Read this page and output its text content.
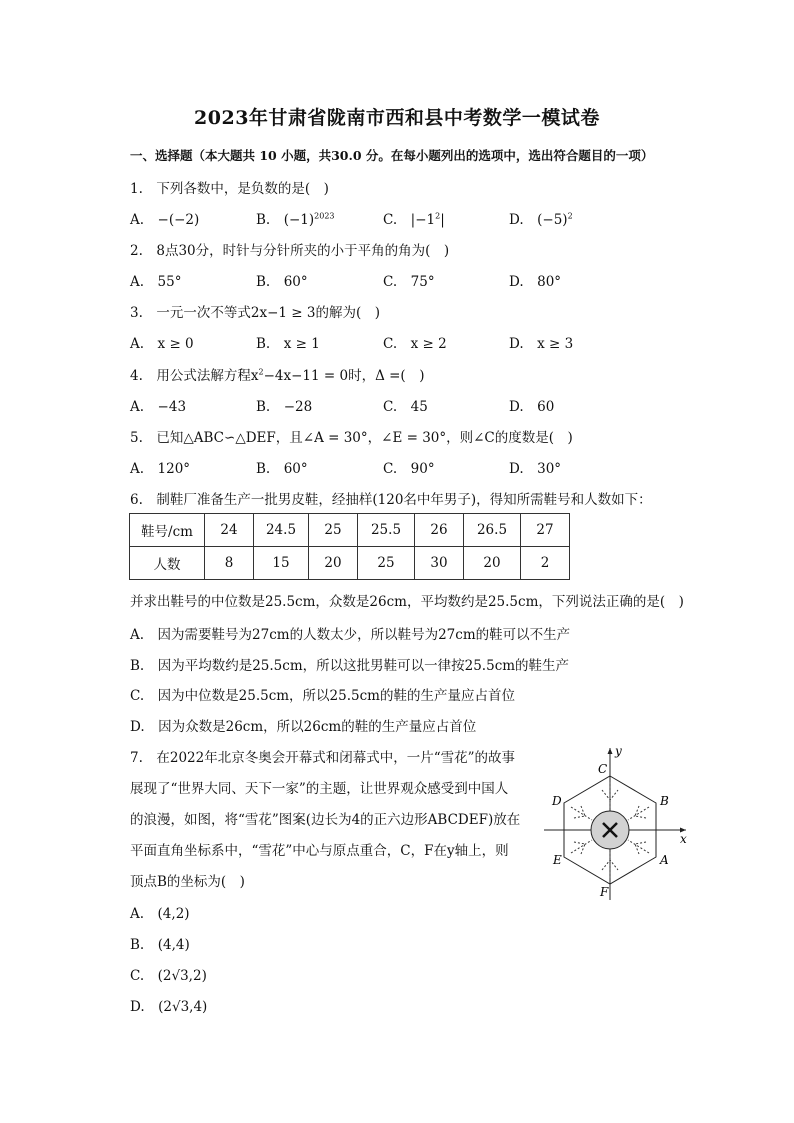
2023年甘肃省陇南市西和县中考数学一模试卷
一、选择题（本大题共 10 小题，共30.0 分。在每小题列出的选项中，选出符合题目的一项）
1.　下列各数中，是负数的是(　)
A.　−(−2)	B.　$(-1)^{2023}$	C.　$|-1^2|$	D.　$(-5)^2$
2.　8点30分，时针与分针所夹的小于平角的角为(　)
A.　55°	B.　60°	C.　75°	D.　80°
3.　一元一次不等式2x−1 ≥ 3的解为(　)
A.　x ≥ 0	B.　x ≥ 1	C.　x ≥ 2	D.　x ≥ 3
4.　用公式法解方程$x^2-4x-11 = 0$时，Δ =(　)
A.　−43	B.　−28	C.　45	D.　60
5.　已知△ABC∽△DEF，且∠A = 30°，∠E = 30°，则∠C的度数是(　)
A.　120°	B.　60°	C.　90°	D.　30°
6.　制鞋厂准备生产一批男皮鞋，经抽样(120名中年男子)，得知所需鞋号和人数如下：
鞋号/cm	24	24.5	25	25.5	26	26.5	27
人数	8	15	20	25	30	20	2
并求出鞋号的中位数是25.5cm，众数是26cm，平均数约是25.5cm，下列说法正确的是(　)
A.　因为需要鞋号为27cm的人数太少，所以鞋号为27cm的鞋可以不生产
B.　因为平均数约是25.5cm，所以这批男鞋可以一律按25.5cm的鞋生产
C.　因为中位数是25.5cm，所以25.5cm的鞋的生产量应占首位
D.　因为众数是26cm，所以26cm的鞋的生产量应占首位
7.　在2022年北京冬奥会开幕式和闭幕式中，一片“雪花”的故事
展现了“世界大同、天下一家”的主题，让世界观众感受到中国人
的浪漫，如图，将“雪花”图案(边长为4的正六边形ABCDEF)放在
平面直角坐标系中，“雪花”中心与原点重合，C，F在y轴上，则
顶点B的坐标为(　)
A.　(4,2)
B.　(4,4)
C.　(2√3,2)
D.　(2√3,4)
y
x
C
B
A
F
E
D
